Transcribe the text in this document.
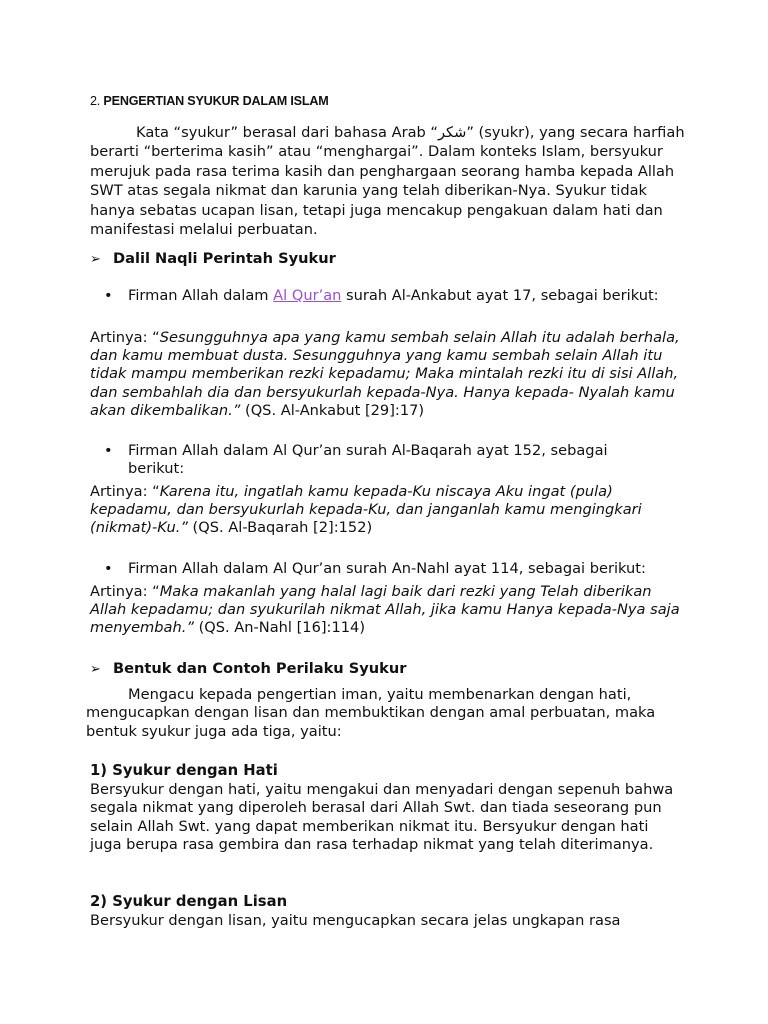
2. PENGERTIAN SYUKUR DALAM ISLAM
Kata “syukur” berasal dari bahasa Arab “شكر” (syukr), yang secara harfiah berarti “berterima kasih” atau “menghargai”. Dalam konteks Islam, bersyukur merujuk pada rasa terima kasih dan penghargaan seorang hamba kepada Allah SWT atas segala nikmat dan karunia yang telah diberikan-Nya. Syukur tidak hanya sebatas ucapan lisan, tetapi juga mencakup pengakuan dalam hati dan manifestasi melalui perbuatan.
➢ Dalil Naqli Perintah Syukur
• Firman Allah dalam Al Qur’an surah Al-Ankabut ayat 17, sebagai berikut:
Artinya: “Sesungguhnya apa yang kamu sembah selain Allah itu adalah berhala, dan kamu membuat dusta. Sesungguhnya yang kamu sembah selain Allah itu tidak mampu memberikan rezki kepadamu; Maka mintalah rezki itu di sisi Allah, dan sembahlah dia dan bersyukurlah kepada-Nya. Hanya kepada- Nyalah kamu akan dikembalikan.” (QS. Al-Ankabut [29]:17)
• Firman Allah dalam Al Qur’an surah Al-Baqarah ayat 152, sebagai berikut:
Artinya: “Karena itu, ingatlah kamu kepada-Ku niscaya Aku ingat (pula) kepadamu, dan bersyukurlah kepada-Ku, dan janganlah kamu mengingkari (nikmat)-Ku.” (QS. Al-Baqarah [2]:152)
• Firman Allah dalam Al Qur’an surah An-Nahl ayat 114, sebagai berikut:
Artinya: “Maka makanlah yang halal lagi baik dari rezki yang Telah diberikan Allah kepadamu; dan syukurilah nikmat Allah, jika kamu Hanya kepada-Nya saja menyembah.” (QS. An-Nahl [16]:114)
➢ Bentuk dan Contoh Perilaku Syukur
Mengacu kepada pengertian iman, yaitu membenarkan dengan hati, mengucapkan dengan lisan dan membuktikan dengan amal perbuatan, maka bentuk syukur juga ada tiga, yaitu:
1) Syukur dengan Hati
Bersyukur dengan hati, yaitu mengakui dan menyadari dengan sepenuh bahwa segala nikmat yang diperoleh berasal dari Allah Swt. dan tiada seseorang pun selain Allah Swt. yang dapat memberikan nikmat itu. Bersyukur dengan hati juga berupa rasa gembira dan rasa terhadap nikmat yang telah diterimanya.
2) Syukur dengan Lisan
Bersyukur dengan lisan, yaitu mengucapkan secara jelas ungkapan rasa
